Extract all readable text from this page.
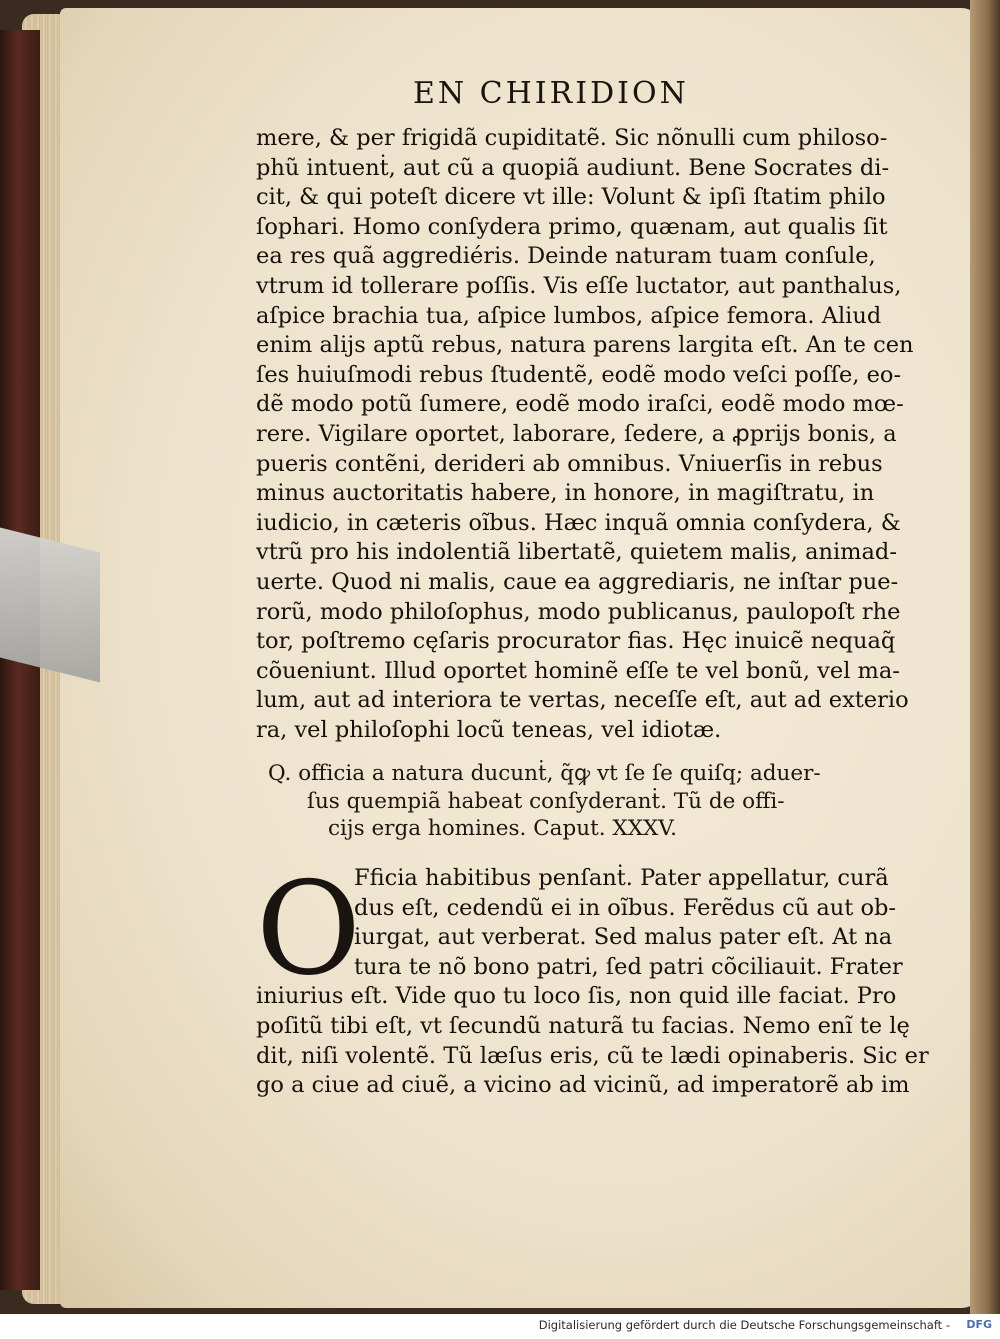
EN CHIRIDION
mere, & per frigidã cupiditatẽ. Sic nõnulli cum philoso-
phũ intuenṫ, aut cũ a quopiã audiunt. Bene Socrates di-
cit, & qui poteſt dicere vt ille: Volunt & ipſi ſtatim philo
ſophari. Homo conſydera primo, quænam, aut qualis ſit
ea res quã aggrediéris. Deinde naturam tuam conſule,
vtrum id tollerare poſſis. Vis eſſe luctator, aut panthalus,
aſpice brachia tua, aſpice lumbos, aſpice femora. Aliud
enim alijs aptũ rebus, natura parens largita eſt. An te cen
ſes huiuſmodi rebus ſtudentẽ, eodẽ modo veſci poſſe, eo-
dẽ modo potũ ſumere, eodẽ modo iraſci, eodẽ modo mœ-
rere. Vigilare oportet, laborare, ſedere, a ꝓprijs bonis, a
pueris contẽni, derideri ab omnibus. Vniuerſis in rebus
minus auctoritatis habere, in honore, in magiſtratu, in
iudicio, in cæteris oĩbus. Hæc inquã omnia conſydera, &
vtrũ pro his indolentiã libertatẽ, quietem malis, animad-
uerte. Quod ni malis, caue ea aggrediaris, ne inſtar pue-
rorũ, modo philoſophus, modo publicanus, paulopoſt rhe
tor, poſtremo cęſaris procurator fias. Hęc inuicẽ nequaq̃
cõueniunt. Illud oportet hominẽ eſſe te vel bonũ, vel ma-
lum, aut ad interiora te vertas, neceſſe eſt, aut ad exterio
ra, vel philoſophi locũ teneas, vel idiotæ.
Q. officia a natura ducunṫ, q̃ꝙ vt ſe ſe quiſq; aduer-
ſus quempiã habeat conſyderanṫ. Tũ de offi-
cijs erga homines. Caput. XXXV.
O
Fficia habitibus penſanṫ. Pater appellatur, curã
dus eſt, cedendũ ei in oĩbus. Ferẽdus cũ aut ob-
iurgat, aut verberat. Sed malus pater eſt. At na
tura te nõ bono patri, ſed patri cõciliauit. Frater
iniurius eſt. Vide quo tu loco ſis, non quid ille faciat. Pro
poſitũ tibi eſt, vt ſecundũ naturã tu facias. Nemo enĩ te lę
dit, niſi volentẽ. Tũ læſus eris, cũ te lædi opinaberis. Sic er
go a ciue ad ciuẽ, a vicino ad vicinũ, ad imperatorẽ ab im
Digitalisierung gefördert durch die Deutsche Forschungsgemeinschaft - DFG
